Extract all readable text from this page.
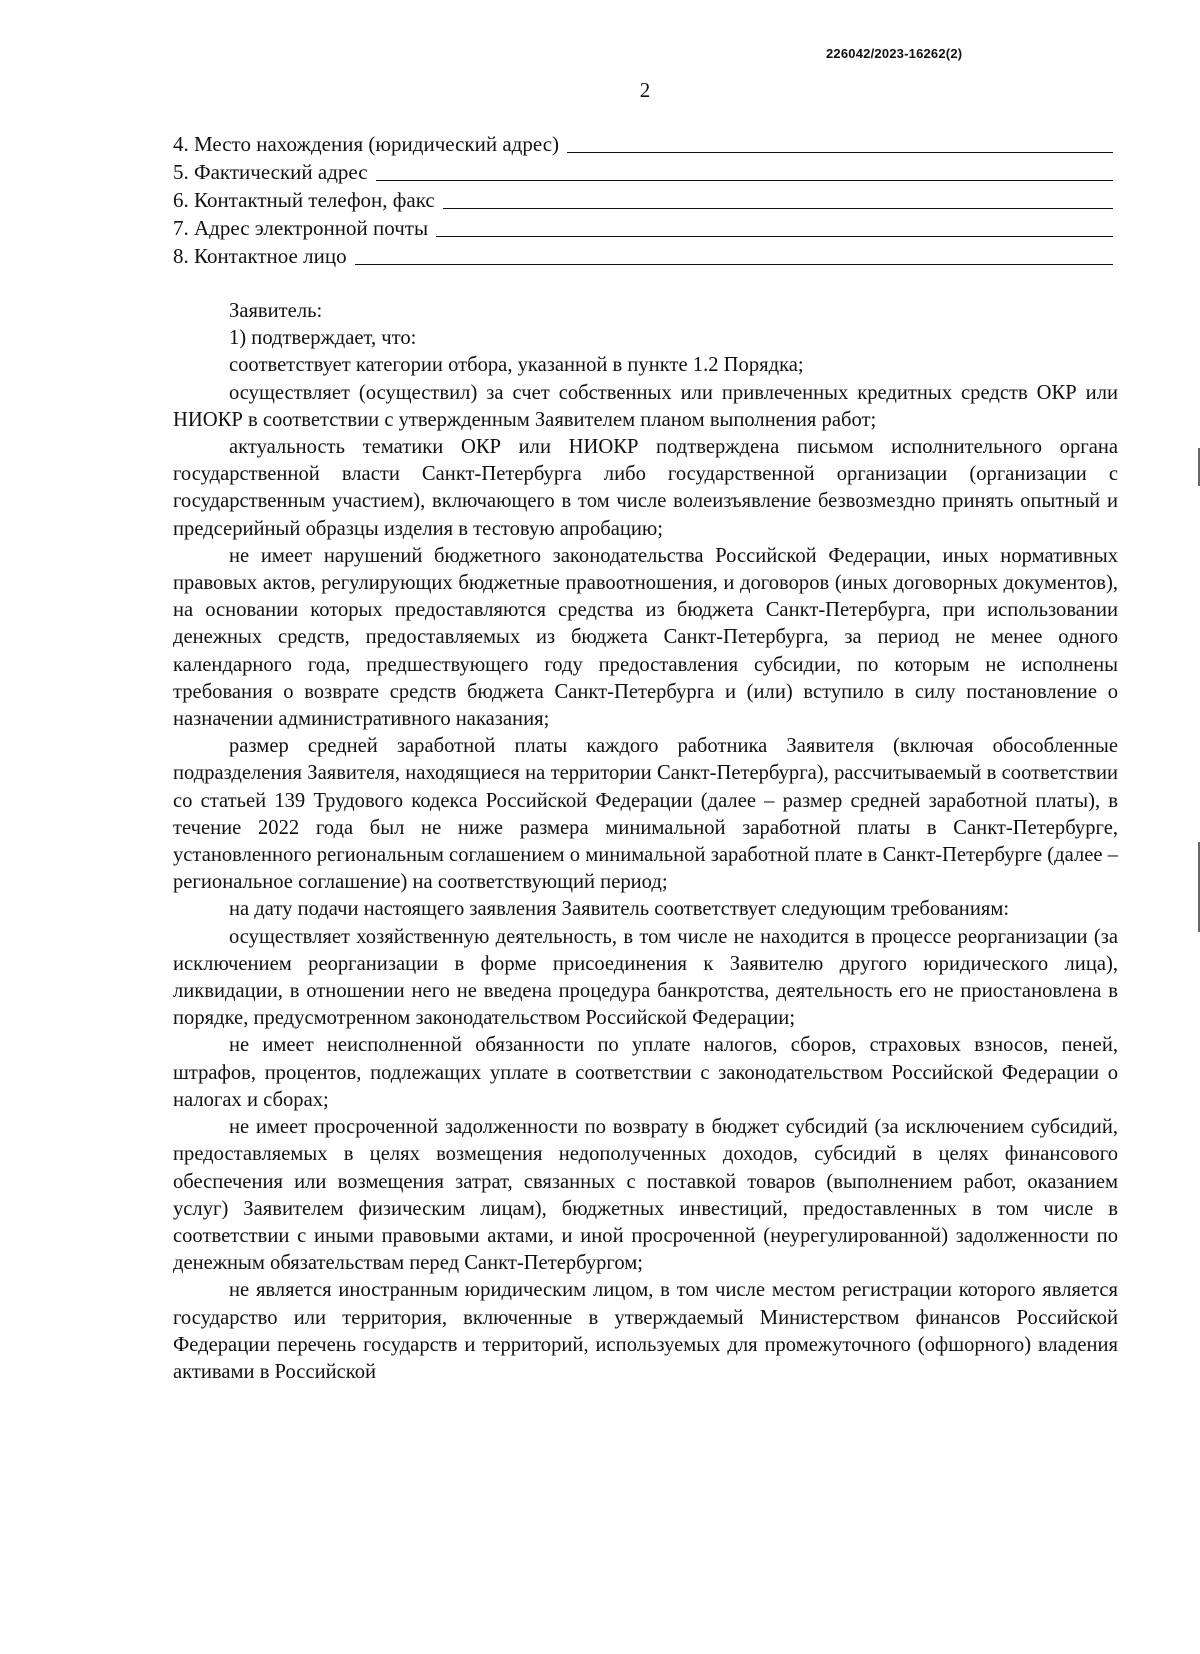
226042/2023-16262(2)
2
4. Место нахождения (юридический адрес)
5. Фактический адрес
6. Контактный телефон, факс
7. Адрес электронной почты
8. Контактное лицо

Заявитель:

1) подтверждает, что:

соответствует категории отбора, указанной в пункте 1.2 Порядка;

осуществляет (осуществил) за счет собственных или привлеченных кредитных средств ОКР или НИОКР в соответствии с утвержденным Заявителем планом выполнения работ;

актуальность тематики ОКР или НИОКР подтверждена письмом исполнительного органа государственной власти Санкт-Петербурга либо государственной организации (организации с государственным участием), включающего в том числе волеизъявление безвозмездно принять опытный и предсерийный образцы изделия в тестовую апробацию;

не имеет нарушений бюджетного законодательства Российской Федерации, иных нормативных правовых актов, регулирующих бюджетные правоотношения, и договоров (иных договорных документов), на основании которых предоставляются средства из бюджета Санкт-Петербурга, при использовании денежных средств, предоставляемых из бюджета Санкт-Петербурга, за период не менее одного календарного года, предшествующего году предоставления субсидии, по которым не исполнены требования о возврате средств бюджета Санкт-Петербурга и (или) вступило в силу постановление о назначении административного наказания;

размер средней заработной платы каждого работника Заявителя (включая обособленные подразделения Заявителя, находящиеся на территории Санкт-Петербурга), рассчитываемый в соответствии со статьей 139 Трудового кодекса Российской Федерации (далее – размер средней заработной платы), в течение 2022 года был не ниже размера минимальной заработной платы в Санкт-Петербурге, установленного региональным соглашением о минимальной заработной плате в Санкт-Петербурге (далее – региональное соглашение) на соответствующий период;

на дату подачи настоящего заявления Заявитель соответствует следующим требованиям:

осуществляет хозяйственную деятельность, в том числе не находится в процессе реорганизации (за исключением реорганизации в форме присоединения к Заявителю другого юридического лица), ликвидации, в отношении него не введена процедура банкротства, деятельность его не приостановлена в порядке, предусмотренном законодательством Российской Федерации;

не имеет неисполненной обязанности по уплате налогов, сборов, страховых взносов, пеней, штрафов, процентов, подлежащих уплате в соответствии с законодательством Российской Федерации о налогах и сборах;

не имеет просроченной задолженности по возврату в бюджет субсидий (за исключением субсидий, предоставляемых в целях возмещения недополученных доходов, субсидий в целях финансового обеспечения или возмещения затрат, связанных с поставкой товаров (выполнением работ, оказанием услуг) Заявителем физическим лицам), бюджетных инвестиций, предоставленных в том числе в соответствии с иными правовыми актами, и иной просроченной (неурегулированной) задолженности по денежным обязательствам перед Санкт-Петербургом;

не является иностранным юридическим лицом, в том числе местом регистрации которого является государство или территория, включенные в утверждаемый Министерством финансов Российской Федерации перечень государств и территорий, используемых для промежуточного (офшорного) владения активами в Российской
